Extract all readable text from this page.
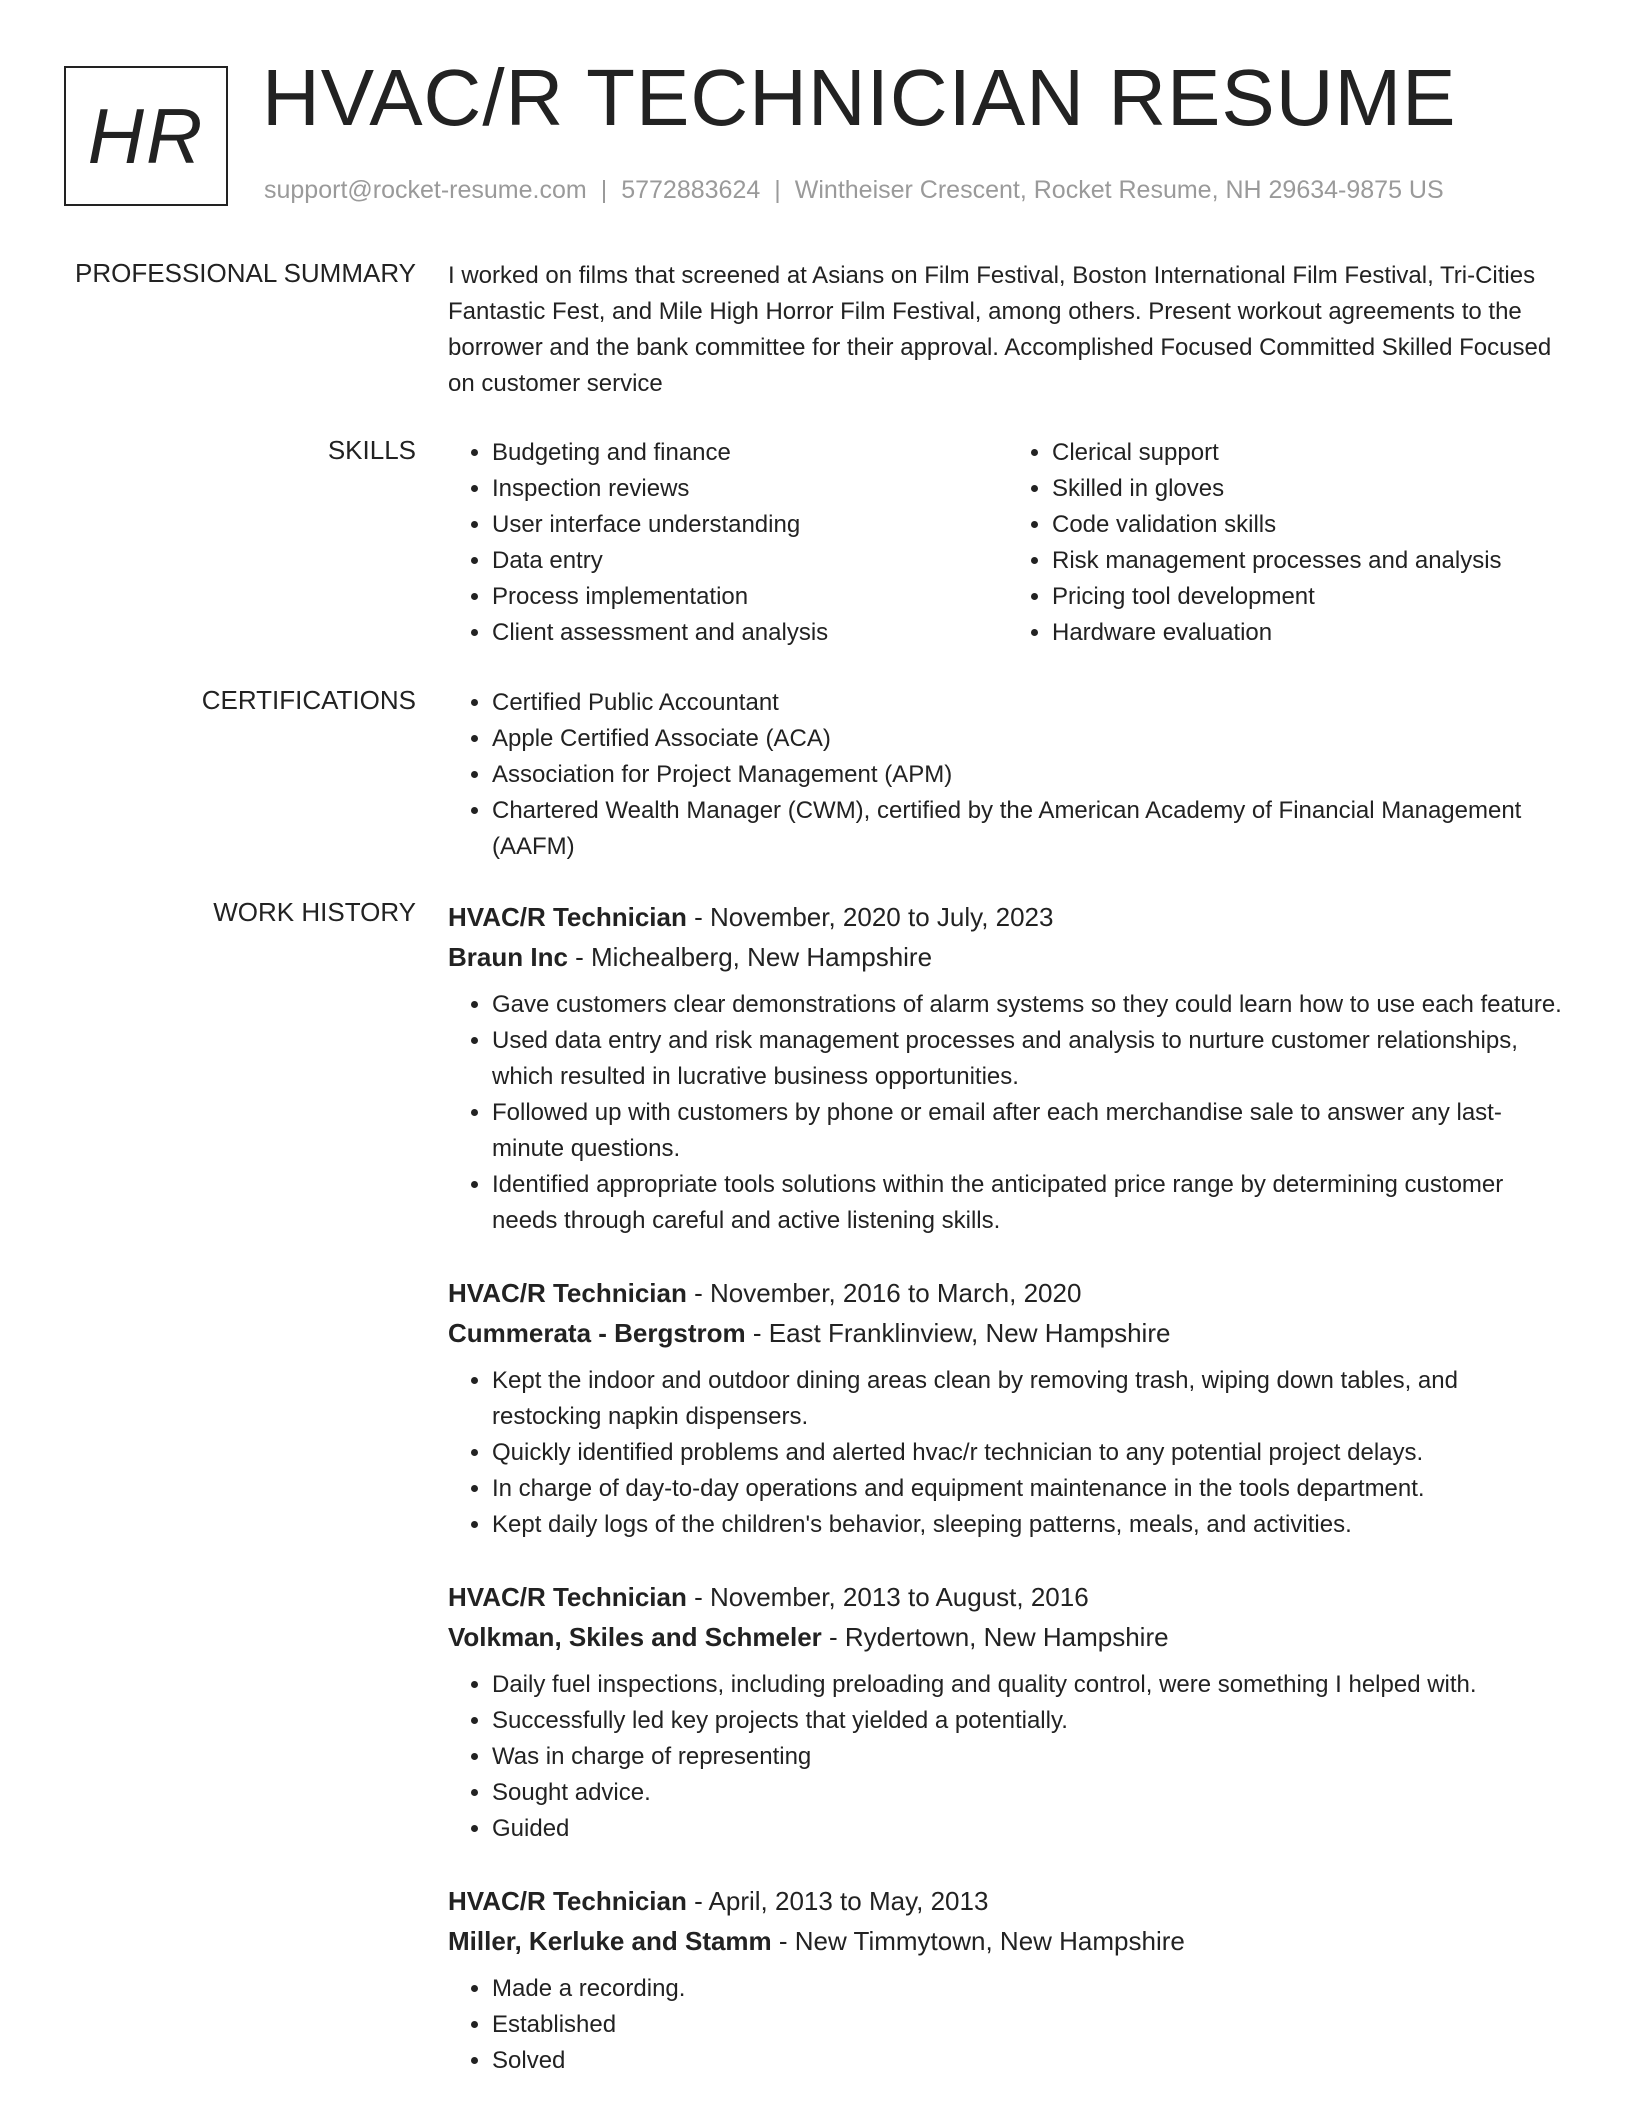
HR HVAC/R TECHNICIAN RESUME
support@rocket-resume.com | 5772883624 | Wintheiser Crescent, Rocket Resume, NH 29634-9875 US
PROFESSIONAL SUMMARY I worked on films that screened at Asians on Film Festival, Boston International Film Festival, Tri-Cities Fantastic Fest, and Mile High Horror Film Festival, among others. Present workout agreements to the borrower and the bank committee for their approval. Accomplished Focused Committed Skilled Focused on customer service

SKILLS	• Budgeting and finance
• Inspection reviews
• User interface understanding
• Data entry
• Process implementation
• Client assessment and analysis
• Clerical support
• Skilled in gloves
• Code validation skills
• Risk management processes and analysis
• Pricing tool development
• Hardware evaluation
CERTIFICATIONS	• Certified Public Accountant
• Apple Certified Associate (ACA)
• Association for Project Management (APM)
• Chartered Wealth Manager (CWM), certified by the American Academy of Financial Management (AAFM)
WORK HISTORY HVAC/R Technician - November, 2020 to July, 2023

Braun Inc - Michealberg, New Hampshire

• Gave customers clear demonstrations of alarm systems so they could learn how to use each feature.
• Used data entry and risk management processes and analysis to nurture customer relationships, which resulted in lucrative business opportunities.
• Followed up with customers by phone or email after each merchandise sale to answer any last-minute questions.
• Identified appropriate tools solutions within the anticipated price range by determining customer needs through careful and active listening skills.

HVAC/R Technician - November, 2016 to March, 2020

Cummerata - Bergstrom - East Franklinview, New Hampshire

• Kept the indoor and outdoor dining areas clean by removing trash, wiping down tables, and restocking napkin dispensers.
• Quickly identified problems and alerted hvac/r technician to any potential project delays.
• In charge of day-to-day operations and equipment maintenance in the tools department.
• Kept daily logs of the children's behavior, sleeping patterns, meals, and activities.

HVAC/R Technician - November, 2013 to August, 2016

Volkman, Skiles and Schmeler - Rydertown, New Hampshire

• Daily fuel inspections, including preloading and quality control, were something I helped with.
• Successfully led key projects that yielded a potentially.
• Was in charge of representing
• Sought advice.
• Guided

HVAC/R Technician - April, 2013 to May, 2013

Miller, Kerluke and Stamm - New Timmytown, New Hampshire

• Made a recording.
• Established
• Solved
